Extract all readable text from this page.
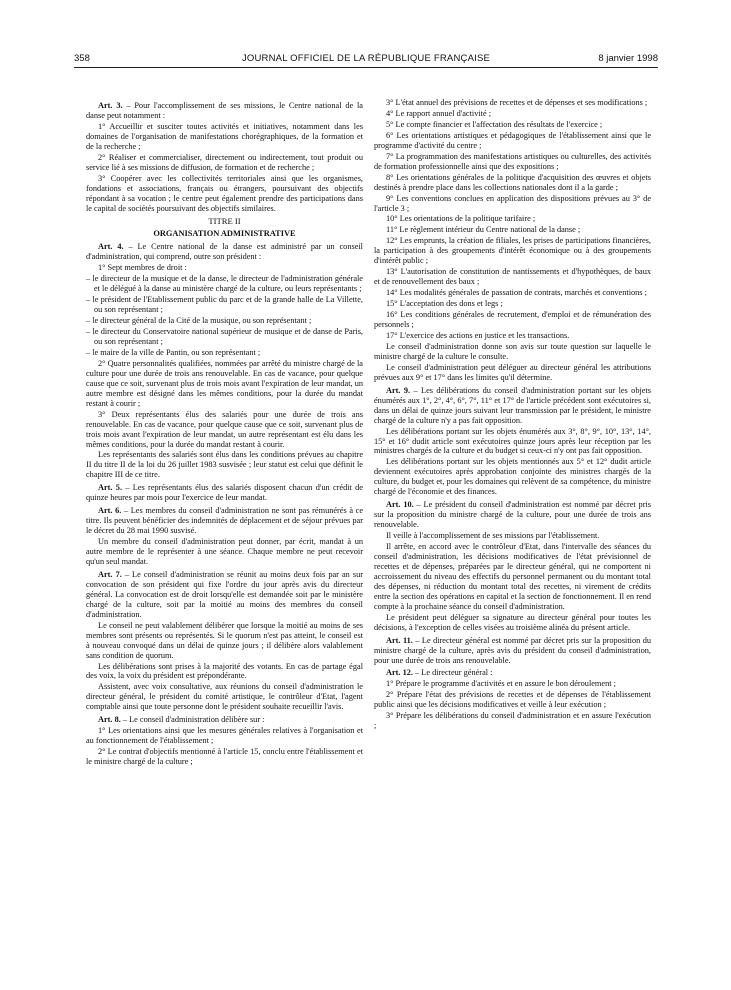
358	JOURNAL OFFICIEL DE LA RÉPUBLIQUE FRANÇAISE	8 janvier 1998

Art. 3. – Pour l'accomplissement de ses missions, le Centre national de la danse peut notamment :

1° Accueillir et susciter toutes activités et initiatives, notamment dans les domaines de l'organisation de manifestations chorégraphiques, de la formation et de la recherche ;

2° Réaliser et commercialiser, directement ou indirectement, tout produit ou service lié à ses missions de diffusion, de formation et de recherche ;

3° Coopérer avec les collectivités territoriales ainsi que les organismes, fondations et associations, français ou étrangers, poursuivant des objectifs répondant à sa vocation ; le centre peut également prendre des participations dans le capital de sociétés poursuivant des objectifs similaires.

TITRE II

ORGANISATION ADMINISTRATIVE

Art. 4. – Le Centre national de la danse est administré par un conseil d'administration, qui comprend, outre son président :

1° Sept membres de droit :

– le directeur de la musique et de la danse, le directeur de l'administration générale et le délégué à la danse au ministère chargé de la culture, ou leurs représentants ;

– le président de l'Etablissement public du parc et de la grande halle de La Villette, ou son représentant ;

– le directeur général de la Cité de la musique, ou son représentant ;

– le directeur du Conservatoire national supérieur de musique et de danse de Paris, ou son représentant ;

– le maire de la ville de Pantin, ou son représentant ;

2° Quatre personnalités qualifiées, nommées par arrêté du ministre chargé de la culture pour une durée de trois ans renouvelable. En cas de vacance, pour quelque cause que ce soit, survenant plus de trois mois avant l'expiration de leur mandat, un autre membre est désigné dans les mêmes conditions, pour la durée du mandat restant à courir ;

3° Deux représentants élus des salariés pour une durée de trois ans renouvelable. En cas de vacance, pour quelque cause que ce soit, survenant plus de trois mois avant l'expiration de leur mandat, un autre représentant est élu dans les mêmes conditions, pour la durée du mandat restant à courir.

Les représentants des salariés sont élus dans les conditions prévues au chapitre II du titre II de la loi du 26 juillet 1983 susvisée ; leur statut est celui que définit le chapitre III de ce titre.

Art. 5. – Les représentants élus des salariés disposent chacun d'un crédit de quinze heures par mois pour l'exercice de leur mandat.

Art. 6. – Les membres du conseil d'administration ne sont pas rémunérés à ce titre. Ils peuvent bénéficier des indemnités de déplacement et de séjour prévues par le décret du 28 mai 1990 susvisé.

Un membre du conseil d'administration peut donner, par écrit, mandat à un autre membre de le représenter à une séance. Chaque membre ne peut recevoir qu'un seul mandat.

Art. 7. – Le conseil d'administration se réunit au moins deux fois par an sur convocation de son président qui fixe l'ordre du jour après avis du directeur général. La convocation est de droit lorsqu'elle est demandée soit par le ministère chargé de la culture, soit par la moitié au moins des membres du conseil d'administration.

Le conseil ne peut valablement délibérer que lorsque la moitié au moins de ses membres sont présents ou représentés. Si le quorum n'est pas atteint, le conseil est à nouveau convoqué dans un délai de quinze jours ; il délibère alors valablement sans condition de quorum.

Les délibérations sont prises à la majorité des votants. En cas de partage égal des voix, la voix du président est prépondérante.

Assistent, avec voix consultative, aux réunions du conseil d'administration le directeur général, le président du comité artistique, le contrôleur d'Etat, l'agent comptable ainsi que toute personne dont le président souhaite recueillir l'avis.

Art. 8. – Le conseil d'administration délibère sur :

1° Les orientations ainsi que les mesures générales relatives à l'organisation et au fonctionnement de l'établissement ;

2° Le contrat d'objectifs mentionné à l'article 15, conclu entre l'établissement et le ministre chargé de la culture ;

3° L'état annuel des prévisions de recettes et de dépenses et ses modifications ;

4° Le rapport annuel d'activité ;

5° Le compte financier et l'affectation des résultats de l'exercice ;

6° Les orientations artistiques et pédagogiques de l'établissement ainsi que le programme d'activité du centre ;

7° La programmation des manifestations artistiques ou culturelles, des activités de formation professionnelle ainsi que des expositions ;

8° Les orientations générales de la politique d'acquisition des œuvres et objets destinés à prendre place dans les collections nationales dont il a la garde ;

9° Les conventions conclues en application des dispositions prévues au 3° de l'article 3 ;

10° Les orientations de la politique tarifaire ;

11° Le règlement intérieur du Centre national de la danse ;

12° Les emprunts, la création de filiales, les prises de participations financières, la participation à des groupements d'intérêt économique ou à des groupements d'intérêt public ;

13° L'autorisation de constitution de nantissements et d'hypothèques, de baux et de renouvellement des baux ;

14° Les modalités générales de passation de contrats, marchés et conventions ;

15° L'acceptation des dons et legs ;

16° Les conditions générales de recrutement, d'emploi et de rémunération des personnels ;

17° L'exercice des actions en justice et les transactions.

Le conseil d'administration donne son avis sur toute question sur laquelle le ministre chargé de la culture le consulte.

Le conseil d'administration peut déléguer au directeur général les attributions prévues aux 9° et 17° dans les limites qu'il détermine.

Art. 9. – Les délibérations du conseil d'administration portant sur les objets énumérés aux 1°, 2°, 4°, 6°, 7°, 11° et 17° de l'article précédent sont exécutoires si, dans un délai de quinze jours suivant leur transmission par le président, le ministre chargé de la culture n'y a pas fait opposition.

Les délibérations portant sur les objets énumérés aux 3°, 8°, 9°, 10°, 13°, 14°, 15° et 16° dudit article sont exécutoires quinze jours après leur réception par les ministres chargés de la culture et du budget si ceux-ci n'y ont pas fait opposition.

Les délibérations portant sur les objets mentionnés aux 5° et 12° dudit article deviennent exécutoires après approbation conjointe des ministres chargés de la culture, du budget et, pour les domaines qui relèvent de sa compétence, du ministre chargé de l'économie et des finances.

Art. 10. – Le président du conseil d'administration est nommé par décret pris sur la proposition du ministre chargé de la culture, pour une durée de trois ans renouvelable.

Il veille à l'accomplissement de ses missions par l'établissement.

Il arrête, en accord avec le contrôleur d'Etat, dans l'intervalle des séances du conseil d'administration, les décisions modificatives de l'état prévisionnel de recettes et de dépenses, préparées par le directeur général, qui ne comportent ni accroissement du niveau des effectifs du personnel permanent ou du montant total des dépenses, ni réduction du montant total des recettes, ni virement de crédits entre la section des opérations en capital et la section de fonctionnement. Il en rend compte à la prochaine séance du conseil d'administration.

Le président peut déléguer sa signature au directeur général pour toutes les décisions, à l'exception de celles visées au troisième alinéa du présent article.

Art. 11. – Le directeur général est nommé par décret pris sur la proposition du ministre chargé de la culture, après avis du président du conseil d'administration, pour une durée de trois ans renouvelable.

Art. 12. – Le directeur général :

1° Prépare le programme d'activités et en assure le bon déroulement ;

2° Prépare l'état des prévisions de recettes et de dépenses de l'établissement public ainsi que les décisions modificatives et veille à leur exécution ;

3° Prépare les délibérations du conseil d'administration et en assure l'exécution ;
